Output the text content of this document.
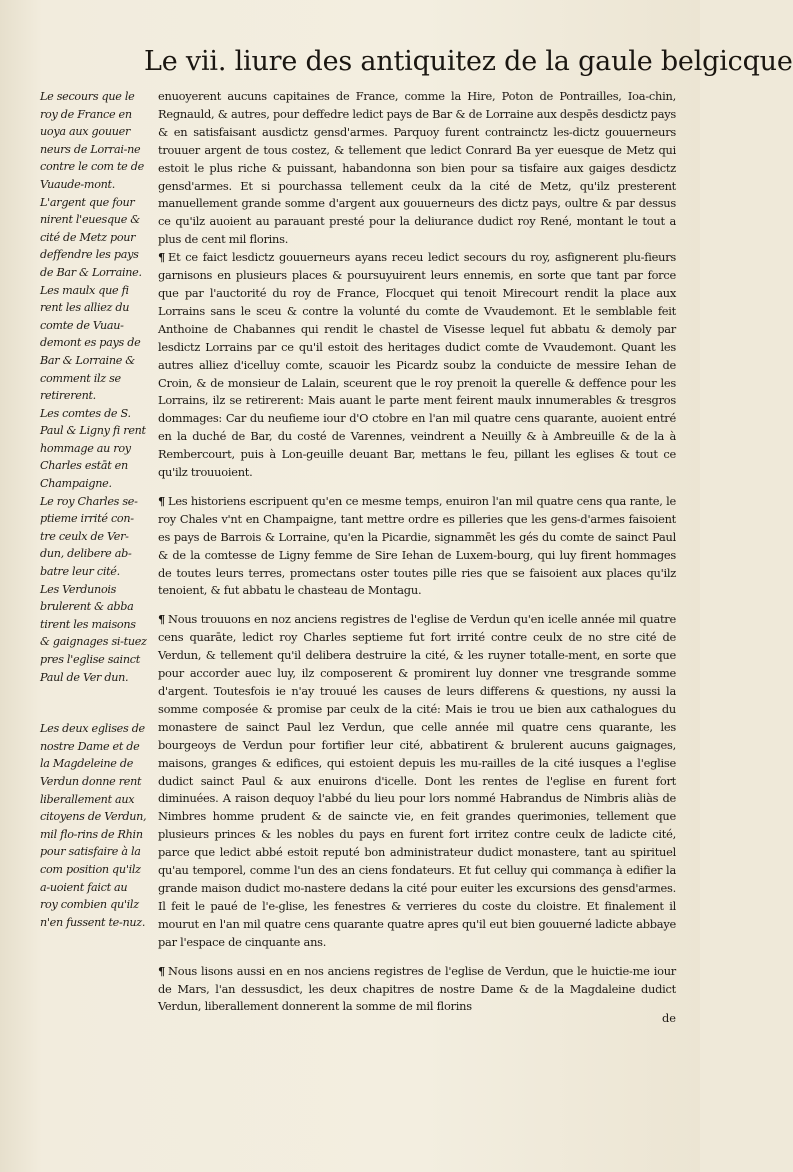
Le vii. liure des antiquitez de la gaule belgicque

Le secours que le roy de France en uoya aux gouuer neurs de Lorrai-ne contre le com te de Vuaude-mont.

L'argent que four nirent l'euesque & cité de Metz pour deffendre les pays de Bar & Lorraine.

Les maulx que fi rent les alliez du comte de Vuau-demont es pays de Bar & Lorraine & comment ilz se retirerent.

Les comtes de S. Paul & Ligny fi rent hommage au roy Charles estāt en Champaigne.

Le roy Charles se-ptieme irrité con-tre ceulx de Ver-dun, delibere ab-batre leur cité.

Les Verdunois brulerent & abba tirent les maisons & gaignages si-tuez pres l'eglise sainct Paul de Ver dun.

Les deux eglises de nostre Dame et de la Magdeleine de Verdun donne rent liberallement aux citoyens de Verdun, mil flo-rins de Rhin pour satisfaire à la com position qu'ilz a-uoient faict au roy combien qu'ilz n'en fussent te-nuz.

enuoyerent aucuns capitaines de France, comme la Hire, Poton de Pontrailles, Ioa-chin, Regnauld, & autres, pour deffedre ledict pays de Bar & de Lorraine aux despēs desdictz pays & en satisfaisant ausdictz gensd'armes. Parquoy furent contrainctz les-dictz gouuerneurs trouuer argent de tous costez, & tellement que ledict Conrard Ba yer euesque de Metz qui estoit le plus riche & puissant, habandonna son bien pour sa tisfaire aux gaiges desdictz gensd'armes. Et si pourchassa tellement ceulx da la cité de Metz, qu'ilz presterent manuellement grande somme d'argent aux gouuerneurs des dictz pays, oultre & par dessus ce qu'ilz auoient au parauant presté pour la deliurance dudict roy René, montant le tout a plus de cent mil florins.

¶ Et ce faict lesdictz gouuerneurs ayans receu ledict secours du roy, asfignerent plu-fieurs garnisons en plusieurs places & poursuyuirent leurs ennemis, en sorte que tant par force que par l'auctorité du roy de France, Flocquet qui tenoit Mirecourt rendit la place aux Lorrains sans le sceu & contre la volunté du comte de Vvaudemont. Et le semblable feit Anthoine de Chabannes qui rendit le chastel de Visesse lequel fut abbatu & demoly par lesdictz Lorrains par ce qu'il estoit des heritages dudict comte de Vvaudemont. Quant les autres alliez d'icelluy comte, scauoir les Picardz soubz la conduicte de messire Iehan de Croin, & de monsieur de Lalain, sceurent que le roy prenoit la querelle & deffence pour les Lorrains, ilz se retirerent: Mais auant le parte ment feirent maulx innumerables & tresgros dommages: Car du neufieme iour d'O ctobre en l'an mil quatre cens quarante, auoient entré en la duché de Bar, du costé de Varennes, veindrent a Neuilly & à Ambreuille & de la à Rembercourt, puis à Lon-geuille deuant Bar, mettans le feu, pillant les eglises & tout ce qu'ilz trouuoient.

¶ Les historiens escripuent qu'en ce mesme temps, enuiron l'an mil quatre cens qua rante, le roy Chales v'nt en Champaigne, tant mettre ordre es pilleries que les gens-d'armes faisoient es pays de Barrois & Lorraine, qu'en la Picardie, signammēt les gés du comte de sainct Paul & de la comtesse de Ligny femme de Sire Iehan de Luxem-bourg, qui luy firent hommages de toutes leurs terres, promectans oster toutes pille ries que se faisoient aux places qu'ilz tenoient, & fut abbatu le chasteau de Montagu.

¶ Nous trouuons en noz anciens registres de l'eglise de Verdun qu'en icelle année mil quatre cens quarāte, ledict roy Charles septieme fut fort irrité contre ceulx de no stre cité de Verdun, & tellement qu'il delibera destruire la cité, & les ruyner totalle-ment, en sorte que pour accorder auec luy, ilz composerent & promirent luy donner vne tresgrande somme d'argent. Toutesfois ie n'ay trouué les causes de leurs differens & questions, ny aussi la somme composée & promise par ceulx de la cité: Mais ie trou ue bien aux cathalogues du monastere de sainct Paul lez Verdun, que celle année mil quatre cens quarante, les bourgeoys de Verdun pour fortifier leur cité, abbatirent & brulerent aucuns gaignages, maisons, granges & edifices, qui estoient depuis les mu-railles de la cité iusques a l'eglise dudict sainct Paul & aux enuirons d'icelle. Dont les rentes de l'eglise en furent fort diminuées. A raison dequoy l'abbé du lieu pour lors nommé Habrandus de Nimbris aliàs de Nimbres homme prudent & de saincte vie, en feit grandes querimonies, tellement que plusieurs princes & les nobles du pays en furent fort irritez contre ceulx de ladicte cité, parce que ledict abbé estoit reputé bon administrateur dudict monastere, tant au spirituel qu'au temporel, comme l'un des an ciens fondateurs. Et fut celluy qui commança à edifier la grande maison dudict mo-nastere dedans la cité pour euiter les excursions des gensd'armes. Il feit le paué de l'e-glise, les fenestres & verrieres du coste du cloistre. Et finalement il mourut en l'an mil quatre cens quarante quatre apres qu'il eut bien gouuerné ladicte abbaye par l'espace de cinquante ans.

¶ Nous lisons aussi en en nos anciens registres de l'eglise de Verdun, que le huictie-me iour de Mars, l'an dessusdict, les deux chapitres de nostre Dame & de la Magdaleine dudict Verdun, liberallement donnerent la somme de mil florins

de
